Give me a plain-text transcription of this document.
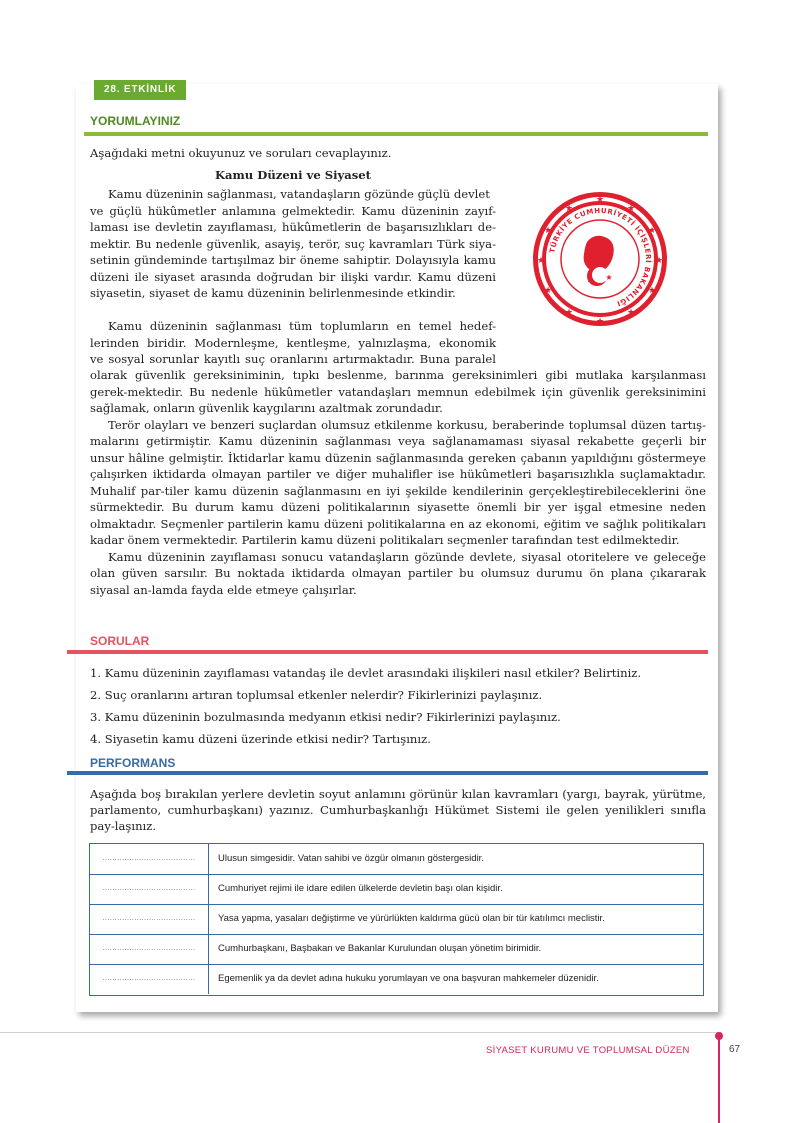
28. ETKİNLİK
YORUMLAYINIZ
Aşağıdaki metni okuyunuz ve soruları cevaplayınız.
Kamu Düzeni ve Siyaset
Kamu düzeninin sağlanması, vatandaşların gözünde güçlü devlet
ve güçlü hükûmetler anlamına gelmektedir. Kamu düzeninin zayıf-
laması ise devletin zayıflaması, hükûmetlerin de başarısızlıkları de-
mektir. Bu nedenle güvenlik, asayiş, terör, suç kavramları Türk siya-
setinin gündeminde tartışılmaz bir öneme sahiptir. Dolayısıyla kamu
düzeni ile siyaset arasında doğrudan bir ilişki vardır. Kamu düzeni
siyasetin, siyaset de kamu düzeninin belirlenmesinde etkindir.
Kamu düzeninin sağlanması tüm toplumların en temel hedef-
lerinden biridir. Modernleşme, kentleşme, yalnızlaşma, ekonomik
ve sosyal sorunlar kayıtlı suç oranlarını artırmaktadır. Buna paralel

olarak güvenlik gereksiniminin, tıpkı beslenme, barınma gereksinimleri gibi mutlaka karşılanması gerek-mektedir. Bu nedenle hükûmetler vatandaşları memnun edebilmek için güvenlik gereksinimini sağlamak, onların güvenlik kaygılarını azaltmak zorundadır.

Terör olayları ve benzeri suçlardan olumsuz etkilenme korkusu, beraberinde toplumsal düzen tartış-malarını getirmiştir. Kamu düzeninin sağlanması veya sağlanamaması siyasal rekabette geçerli bir unsur hâline gelmiştir. İktidarlar kamu düzenin sağlanmasında gereken çabanın yapıldığını göstermeye çalışırken iktidarda olmayan partiler ve diğer muhalifler ise hükûmetleri başarısızlıkla suçlamaktadır. Muhalif par-tiler kamu düzenin sağlanmasını en iyi şekilde kendilerinin gerçekleştirebileceklerini öne sürmektedir. Bu durum kamu düzeni politikalarının siyasette önemli bir yer işgal etmesine neden olmaktadır. Seçmenler partilerin kamu düzeni politikalarına en az ekonomi, eğitim ve sağlık politikaları kadar önem vermektedir. Partilerin kamu düzeni politikaları seçmenler tarafından test edilmektedir.

Kamu düzeninin zayıflaması sonucu vatandaşların gözünde devlete, siyasal otoritelere ve geleceğe olan güven sarsılır. Bu noktada iktidarda olmayan partiler bu olumsuz durumu ön plana çıkararak siyasal an-lamda fayda elde etmeye çalışırlar.

★
★
★
★
★
★
★
★
★
★
★
★
TÜRKİYE CUMHURİYETİ İÇİŞLERİ BAKANLIĞI
★
SORULAR
1. Kamu düzeninin zayıflaması vatandaş ile devlet arasındaki ilişkileri nasıl etkiler? Belirtiniz.
2. Suç oranlarını artıran toplumsal etkenler nelerdir? Fikirlerinizi paylaşınız.
3. Kamu düzeninin bozulmasında medyanın etkisi nedir? Fikirlerinizi paylaşınız.
4. Siyasetin kamu düzeni üzerinde etkisi nedir? Tartışınız.
PERFORMANS
Aşağıda boş bırakılan yerlere devletin soyut anlamını görünür kılan kavramları (yargı, bayrak, yürütme, parlamento, cumhurbaşkanı) yazınız. Cumhurbaşkanlığı Hükümet Sistemi ile gelen yenilikleri sınıfla pay-laşınız.
......................................	Ulusun simgesidir. Vatan sahibi ve özgür olmanın göstergesidir.
......................................	Cumhuriyet rejimi ile idare edilen ülkelerde devletin başı olan kişidir.
......................................	Yasa yapma, yasaları değiştirme ve yürürlükten kaldırma gücü olan bir tür katılımcı meclistir.
......................................	Cumhurbaşkanı, Başbakan ve Bakanlar Kurulundan oluşan yönetim birimidir.
......................................	Egemenlik ya da devlet adına hukuku yorumlayan ve ona başvuran mahkemeler düzenidir.
SİYASET KURUMU VE TOPLUMSAL DÜZEN	67
